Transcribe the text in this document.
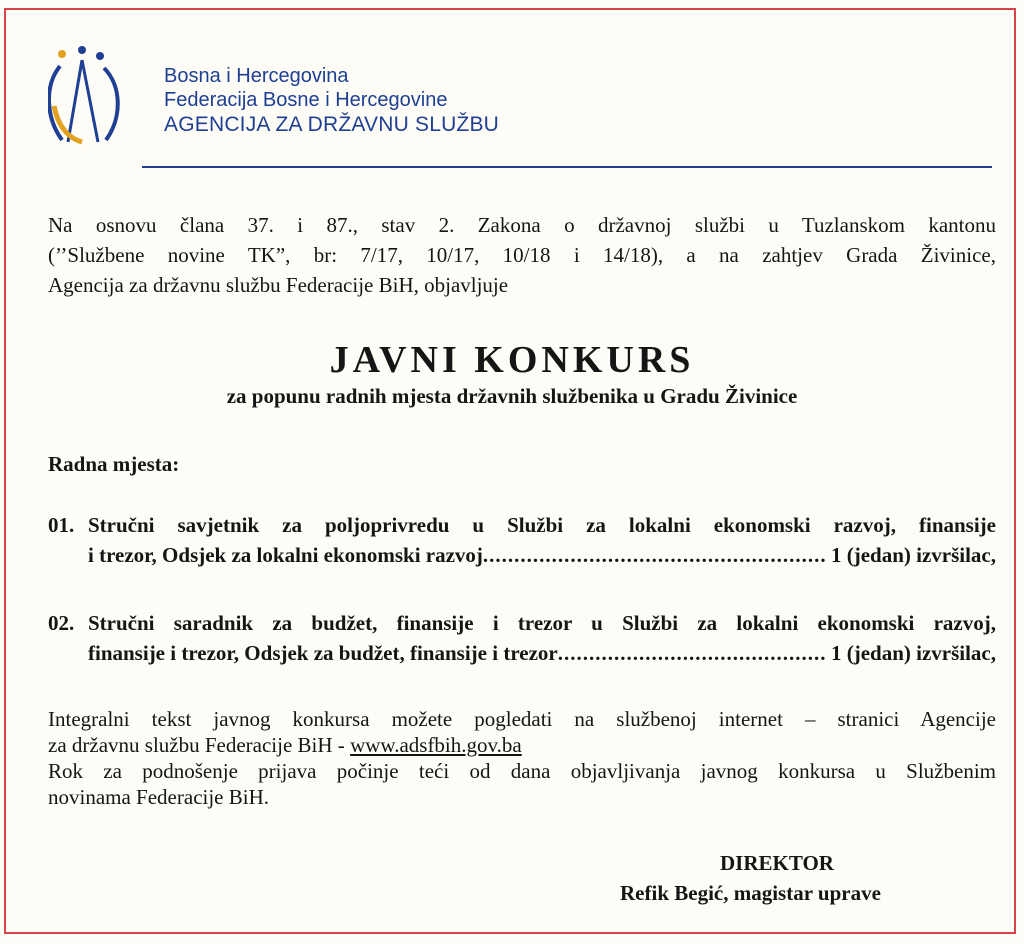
Bosna i Hercegovina
Federacija Bosne i Hercegovine
AGENCIJA ZA DRŽAVNU SLUŽBU
Na osnovu člana 37. i 87., stav 2. Zakona o državnoj službi u Tuzlanskom kantonu
(’’Službene novine TK”, br: 7/17, 10/17, 10/18 i 14/18), a na zahtjev Grada Živinice,
Agencija za državnu službu Federacije BiH, objavljuje
JAVNI KONKURS
za popunu radnih mjesta državnih službenika u Gradu Živinice
Radna mjesta:
01. Stručni savjetnik za poljoprivredu u Službi za lokalni ekonomski razvoj, finansije
i trezor, Odsjek za lokalni ekonomski razvoj .....	1 (jedan) izvršilac,
02. Stručni saradnik za budžet, finansije i trezor u Službi za lokalni ekonomski razvoj,
finansije i trezor, Odsjek za budžet, finansije i trezor .....	1 (jedan) izvršilac,
Integralni tekst javnog konkursa možete pogledati na službenoj internet – stranici Agencije
za državnu službu Federacije BiH - www.adsfbih.gov.ba
Rok za podnošenje prijava počinje teći od dana objavljivanja javnog konkursa u Službenim
novinama Federacije BiH.
DIREKTOR
Refik Begić, magistar uprave
